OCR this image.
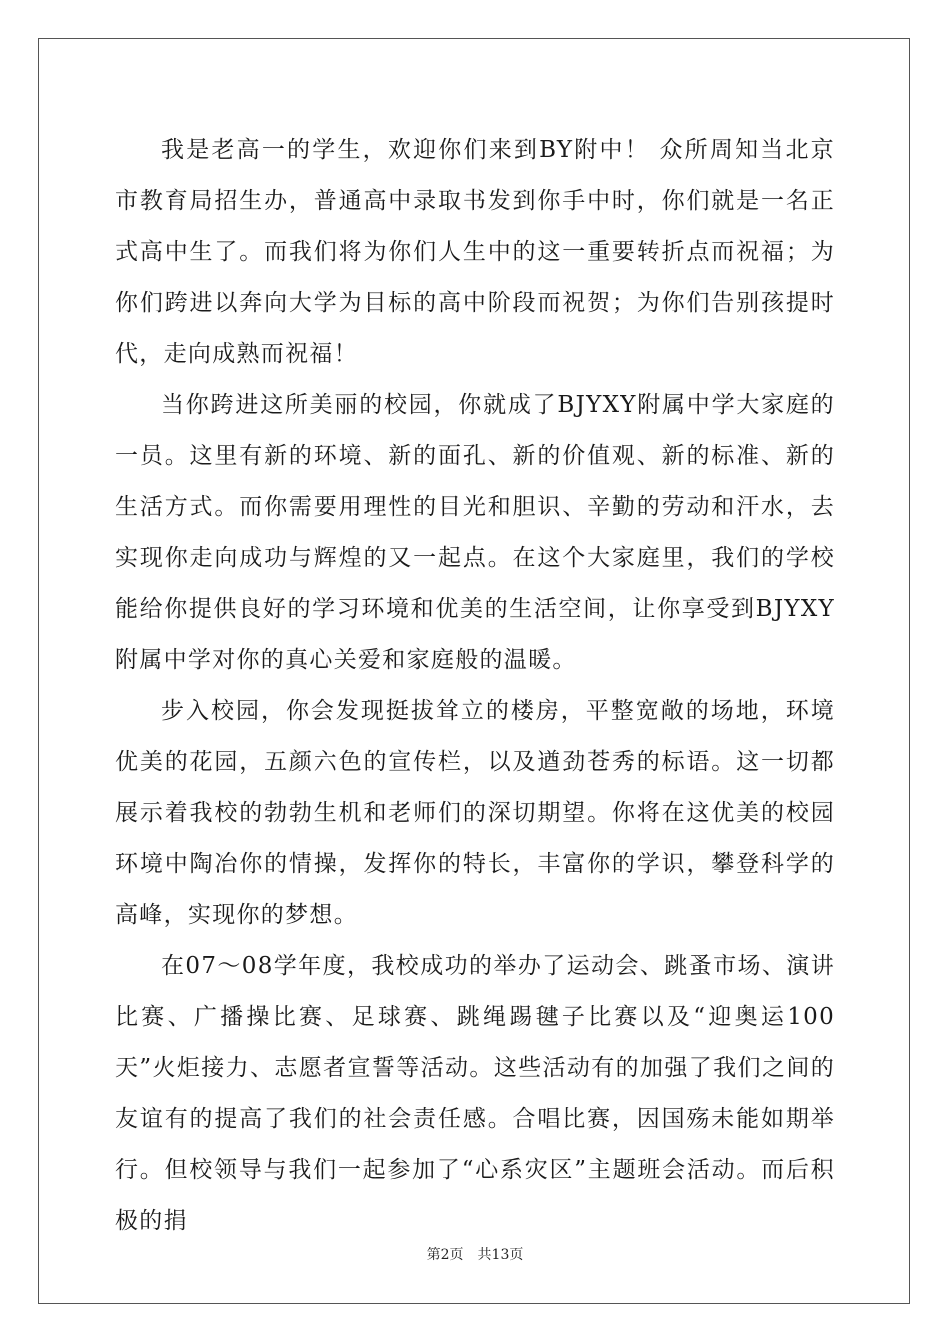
我是老高一的学生，欢迎你们来到BY附中！ 众所周知当北京市教育局招生办，普通高中录取书发到你手中时，你们就是一名正式高中生了。而我们将为你们人生中的这一重要转折点而祝福；为你们跨进以奔向大学为目标的高中阶段而祝贺；为你们告别孩提时代，走向成熟而祝福！

当你跨进这所美丽的校园，你就成了BJYXY附属中学大家庭的一员。这里有新的环境、新的面孔、新的价值观、新的标准、新的生活方式。而你需要用理性的目光和胆识、辛勤的劳动和汗水，去实现你走向成功与辉煌的又一起点。在这个大家庭里，我们的学校能给你提供良好的学习环境和优美的生活空间，让你享受到BJYXY附属中学对你的真心关爱和家庭般的温暖。

步入校园，你会发现挺拔耸立的楼房，平整宽敞的场地，环境优美的花园，五颜六色的宣传栏，以及遒劲苍秀的标语。这一切都展示着我校的勃勃生机和老师们的深切期望。你将在这优美的校园环境中陶冶你的情操，发挥你的特长，丰富你的学识，攀登科学的高峰，实现你的梦想。

在07～08学年度，我校成功的举办了运动会、跳蚤市场、演讲比赛、广播操比赛、足球赛、跳绳踢毽子比赛以及“迎奥运100天”火炬接力、志愿者宣誓等活动。这些活动有的加强了我们之间的友谊有的提高了我们的社会责任感。合唱比赛，因国殇未能如期举行。但校领导与我们一起参加了“心系灾区”主题班会活动。而后积极的捐

第2页 共13页
